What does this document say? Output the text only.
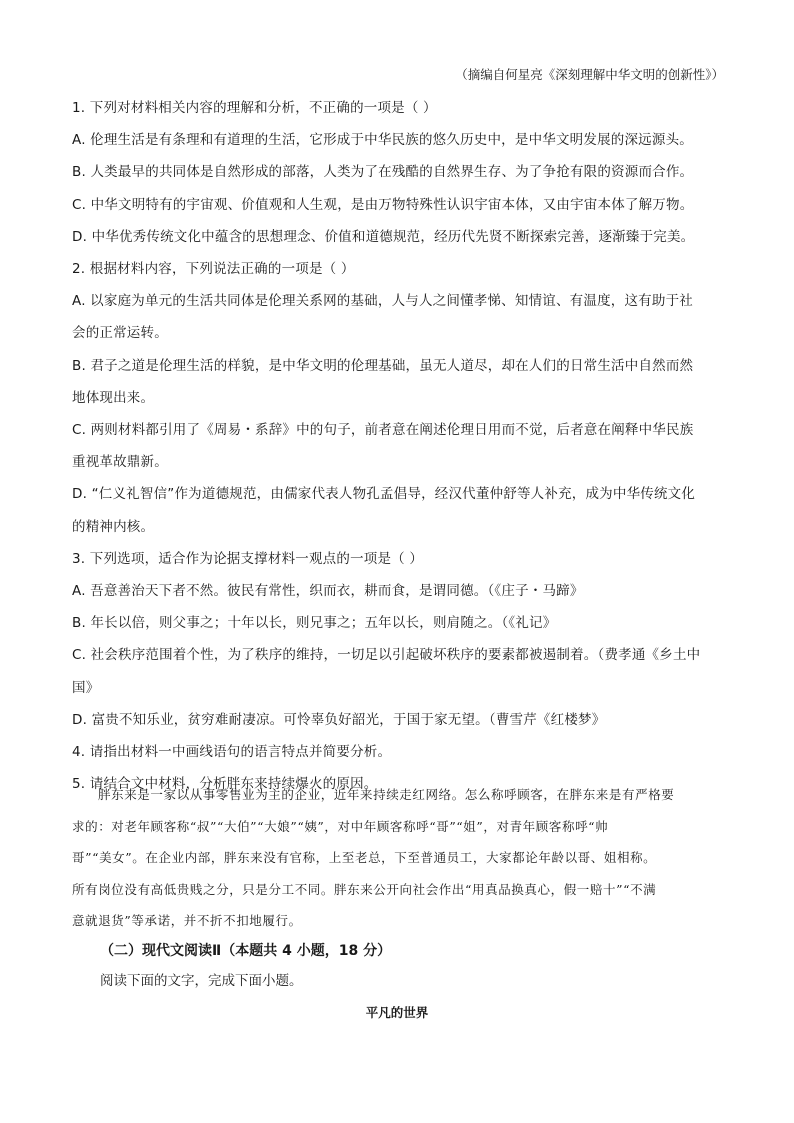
（摘编自何星亮《深刻理解中华文明的创新性》）
1. 下列对材料相关内容的理解和分析，不正确的一项是（ ）
A. 伦理生活是有条理和有道理的生活，它形成于中华民族的悠久历史中，是中华文明发展的深远源头。
B. 人类最早的共同体是自然形成的部落，人类为了在残酷的自然界生存、为了争抢有限的资源而合作。
C. 中华文明特有的宇宙观、价值观和人生观，是由万物特殊性认识宇宙本体，又由宇宙本体了解万物。
D. 中华优秀传统文化中蕴含的思想理念、价值和道德规范，经历代先贤不断探索完善，逐渐臻于完美。
2. 根据材料内容，下列说法正确的一项是（ ）
A. 以家庭为单元的生活共同体是伦理关系网的基础，人与人之间懂孝悌、知情谊、有温度，这有助于社
会的正常运转。
B. 君子之道是伦理生活的样貌，是中华文明的伦理基础，虽无人道尽，却在人们的日常生活中自然而然
地体现出来。
C. 两则材料都引用了《周易・系辞》中的句子，前者意在阐述伦理日用而不觉，后者意在阐释中华民族
重视革故鼎新。
D. “仁义礼智信”作为道德规范，由儒家代表人物孔孟倡导，经汉代董仲舒等人补充，成为中华传统文化
的精神内核。
3. 下列选项，适合作为论据支撑材料一观点的一项是（ ）
A. 吾意善治天下者不然。彼民有常性，织而衣，耕而食，是谓同德。（《庄子・马蹄》
B. 年长以倍，则父事之；十年以长，则兄事之；五年以长，则肩随之。（《礼记》
C. 社会秩序范围着个性，为了秩序的维持，一切足以引起破坏秩序的要素都被遏制着。（费孝通《乡土中
国》
D. 富贵不知乐业，贫穷难耐凄凉。可怜辜负好韶光，于国于家无望。（曹雪芹《红楼梦》
4. 请指出材料一中画线语句的语言特点并简要分析。
5. 请结合文中材料，分析胖东来持续爆火的原因。
胖东来是一家以从事零售业为主的企业，近年来持续走红网络。怎么称呼顾客，在胖东来是有严格要
求的：对老年顾客称“叔”“大伯”“大娘”“姨”，对中年顾客称呼“哥”“姐”，对青年顾客称呼“帅
哥”“美女”。在企业内部，胖东来没有官称，上至老总，下至普通员工，大家都论年龄以哥、姐相称。
所有岗位没有高低贵贱之分，只是分工不同。胖东来公开向社会作出“用真品换真心，假一赔十”“不满
意就退货”等承诺，并不折不扣地履行。
（二）现代文阅读Ⅱ（本题共 4 小题，18 分）
阅读下面的文字，完成下面小题。
平凡的世界
